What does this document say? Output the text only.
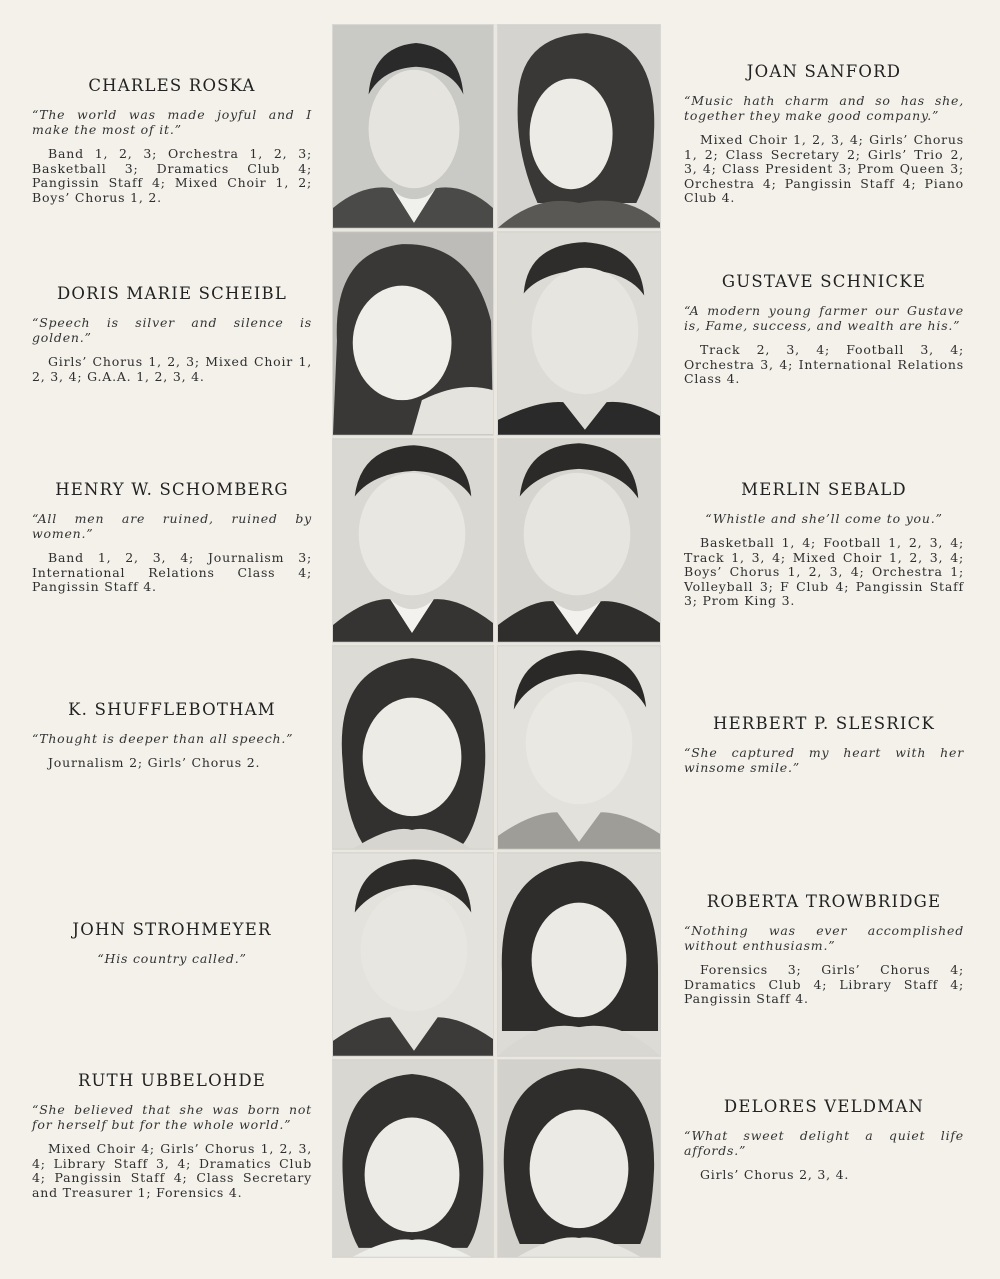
CHARLES ROSKA

“The world was made joyful and I make the most of it.”

Band 1, 2, 3; Orchestra 1, 2, 3; Basketball 3; Dramatics Club 4; Pangissin Staff 4; Mixed Choir 1, 2; Boys’ Chorus 1, 2.

JOAN SANFORD

“Music hath charm and so has she, together they make good company.”

Mixed Choir 1, 2, 3, 4; Girls’ Chorus 1, 2; Class Secretary 2; Girls’ Trio 2, 3, 4; Class President 3; Prom Queen 3; Orchestra 4; Pangissin Staff 4; Piano Club 4.

DORIS MARIE SCHEIBL

“Speech is silver and silence is golden.”

Girls’ Chorus 1, 2, 3; Mixed Choir 1, 2, 3, 4; G.A.A. 1, 2, 3, 4.

GUSTAVE SCHNICKE

“A modern young farmer our Gustave is, Fame, success, and wealth are his.”

Track 2, 3, 4; Football 3, 4; Orchestra 3, 4; International Relations Class 4.

HENRY W. SCHOMBERG

“All men are ruined, ruined by women.”

Band 1, 2, 3, 4; Journalism 3; International Relations Class 4; Pangissin Staff 4.

MERLIN SEBALD

“Whistle and she’ll come to you.”

Basketball 1, 4; Football 1, 2, 3, 4; Track 1, 3, 4; Mixed Choir 1, 2, 3, 4; Boys’ Chorus 1, 2, 3, 4; Orchestra 1; Volleyball 3; F Club 4; Pangissin Staff 3; Prom King 3.

K. SHUFFLEBOTHAM

“Thought is deeper than all speech.”

Journalism 2; Girls’ Chorus 2.

HERBERT P. SLESRICK

“She captured my heart with her winsome smile.”

JOHN STROHMEYER

“His country called.”

ROBERTA TROWBRIDGE

“Nothing was ever accomplished without enthusiasm.”

Forensics 3; Girls’ Chorus 4; Dramatics Club 4; Library Staff 4; Pangissin Staff 4.

RUTH UBBELOHDE

“She believed that she was born not for herself but for the whole world.”

Mixed Choir 4; Girls’ Chorus 1, 2, 3, 4; Library Staff 3, 4; Dramatics Club 4; Pangissin Staff 4; Class Secretary and Treasurer 1; Forensics 4.

DELORES VELDMAN

“What sweet delight a quiet life affords.”

Girls’ Chorus 2, 3, 4.
